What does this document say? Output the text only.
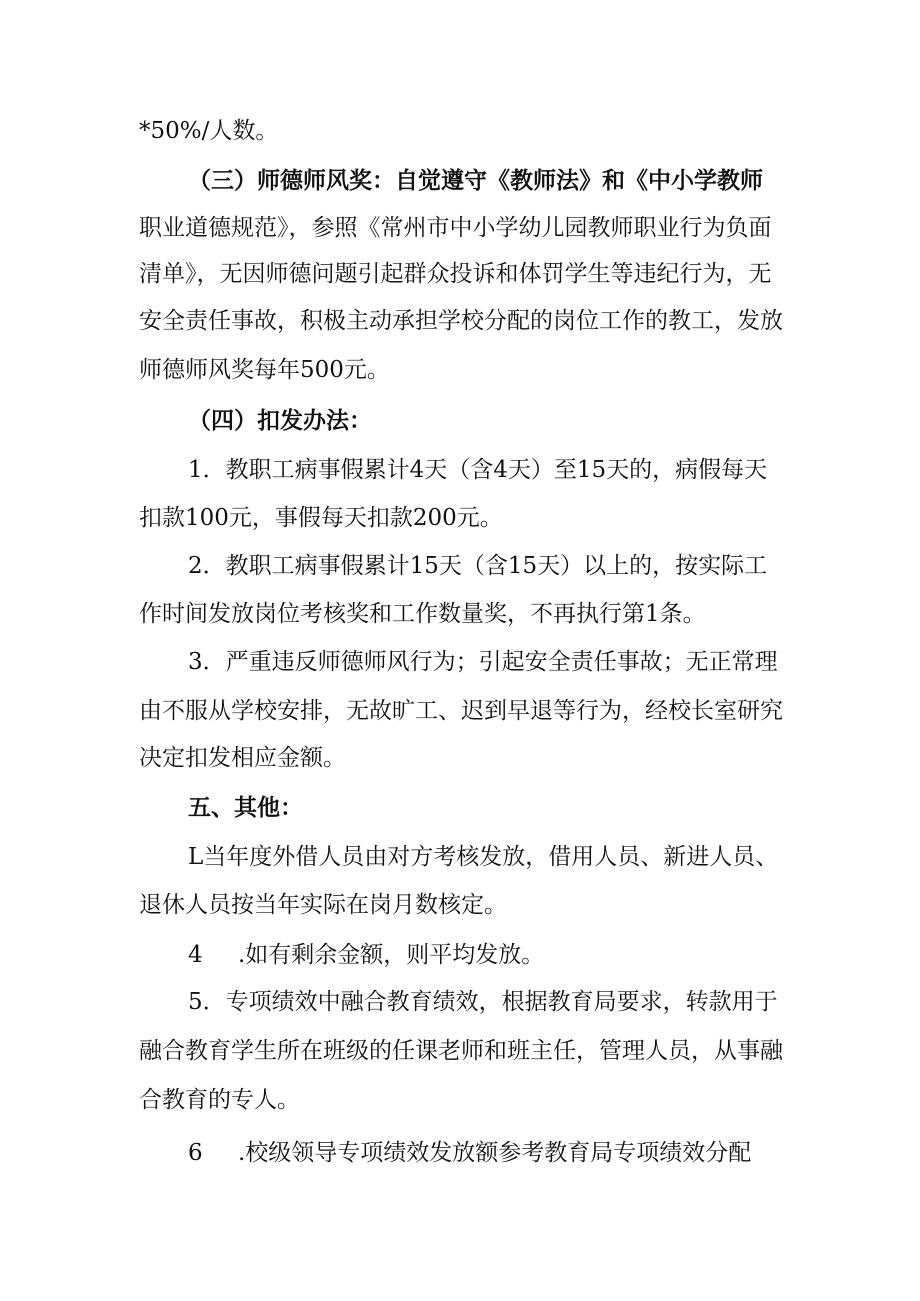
*50%/人数。
（三）师德师风奖：自觉遵守《教师法》和《中小学教师
职业道德规范》，参照《常州市中小学幼儿园教师职业行为负面
清单》，无因师德问题引起群众投诉和体罚学生等违纪行为，无
安全责任事故，积极主动承担学校分配的岗位工作的教工，发放
师德师风奖每年500元。
（四）扣发办法：
1．教职工病事假累计4天（含4天）至15天的，病假每天
扣款100元，事假每天扣款200元。
2．教职工病事假累计15天（含15天）以上的，按实际工
作时间发放岗位考核奖和工作数量奖，不再执行第1条。
3．严重违反师德师风行为；引起安全责任事故；无正常理
由不服从学校安排，无故旷工、迟到早退等行为，经校长室研究
决定扣发相应金额。
五、其他：
L当年度外借人员由对方考核发放，借用人员、新进人员、
退休人员按当年实际在岗月数核定。
4 .如有剩余金额，则平均发放。
5．专项绩效中融合教育绩效，根据教育局要求，转款用于
融合教育学生所在班级的任课老师和班主任，管理人员，从事融
合教育的专人。
6 .校级领导专项绩效发放额参考教育局专项绩效分配
